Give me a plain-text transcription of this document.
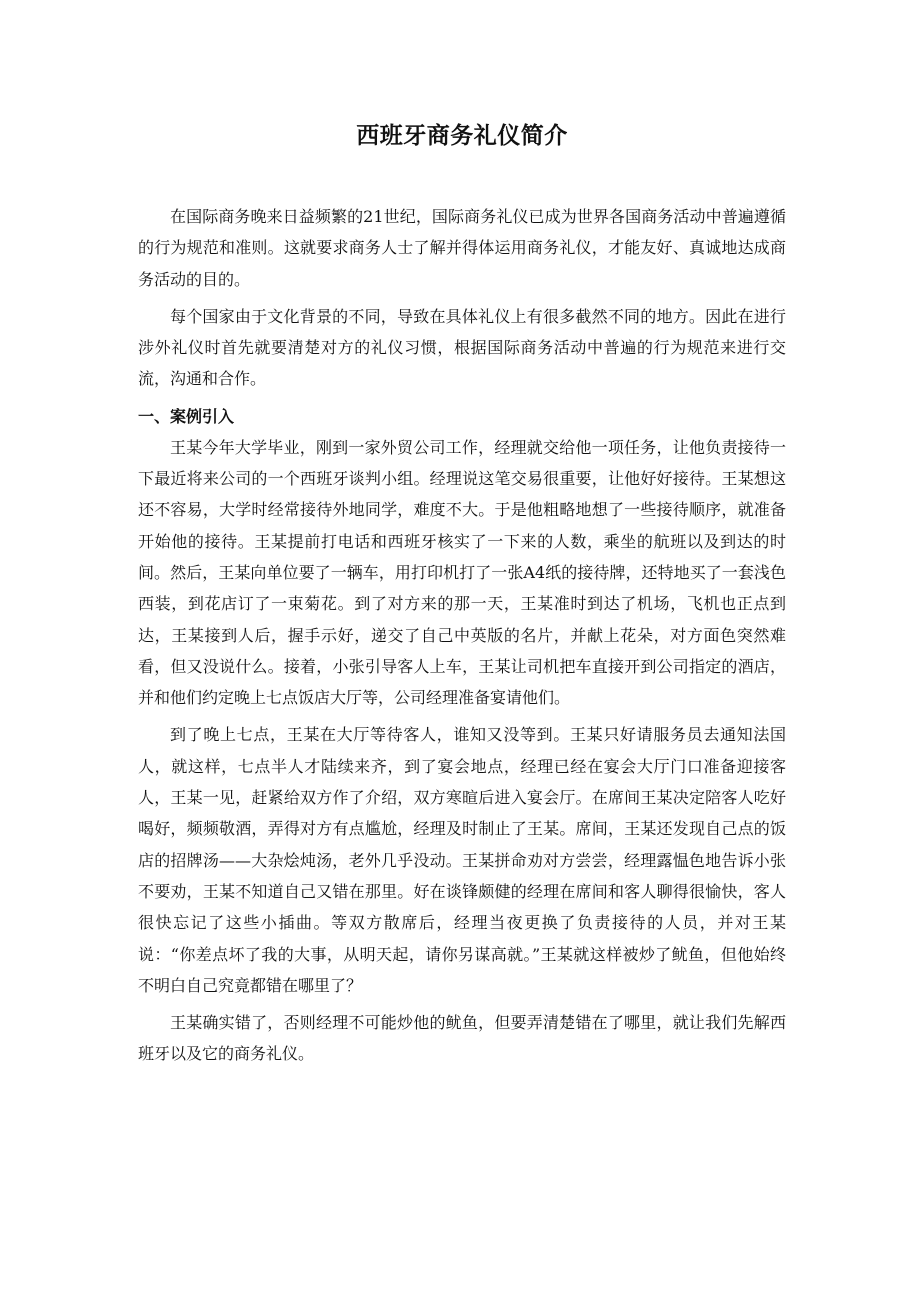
西班牙商务礼仪简介

在国际商务晚来日益频繁的21世纪，国际商务礼仪已成为世界各国商务活动中普遍遵循的行为规范和准则。这就要求商务人士了解并得体运用商务礼仪，才能友好、真诚地达成商务活动的目的。

每个国家由于文化背景的不同，导致在具体礼仪上有很多截然不同的地方。因此在进行涉外礼仪时首先就要清楚对方的礼仪习惯，根据国际商务活动中普遍的行为规范来进行交流，沟通和合作。

一、案例引入

王某今年大学毕业，刚到一家外贸公司工作，经理就交给他一项任务，让他负责接待一下最近将来公司的一个西班牙谈判小组。经理说这笔交易很重要，让他好好接待。王某想这还不容易，大学时经常接待外地同学，难度不大。于是他粗略地想了一些接待顺序，就准备开始他的接待。王某提前打电话和西班牙核实了一下来的人数，乘坐的航班以及到达的时间。然后，王某向单位要了一辆车，用打印机打了一张A4纸的接待牌，还特地买了一套浅色西装，到花店订了一束菊花。到了对方来的那一天，王某准时到达了机场，飞机也正点到达，王某接到人后，握手示好，递交了自己中英版的名片，并献上花朵，对方面色突然难看，但又没说什么。接着，小张引导客人上车，王某让司机把车直接开到公司指定的酒店，并和他们约定晚上七点饭店大厅等，公司经理准备宴请他们。

到了晚上七点，王某在大厅等待客人，谁知又没等到。王某只好请服务员去通知法国人，就这样，七点半人才陆续来齐，到了宴会地点，经理已经在宴会大厅门口准备迎接客人，王某一见，赶紧给双方作了介绍，双方寒暄后进入宴会厅。在席间王某决定陪客人吃好喝好，频频敬酒，弄得对方有点尴尬，经理及时制止了王某。席间，王某还发现自己点的饭店的招牌汤——大杂烩炖汤，老外几乎没动。王某拼命劝对方尝尝，经理露愠色地告诉小张不要劝，王某不知道自己又错在那里。好在谈锋颇健的经理在席间和客人聊得很愉快，客人很快忘记了这些小插曲。等双方散席后，经理当夜更换了负责接待的人员，并对王某说：“你差点坏了我的大事，从明天起，请你另谋高就。”王某就这样被炒了鱿鱼，但他始终不明白自己究竟都错在哪里了？

王某确实错了，否则经理不可能炒他的鱿鱼，但要弄清楚错在了哪里，就让我们先解西班牙以及它的商务礼仪。
